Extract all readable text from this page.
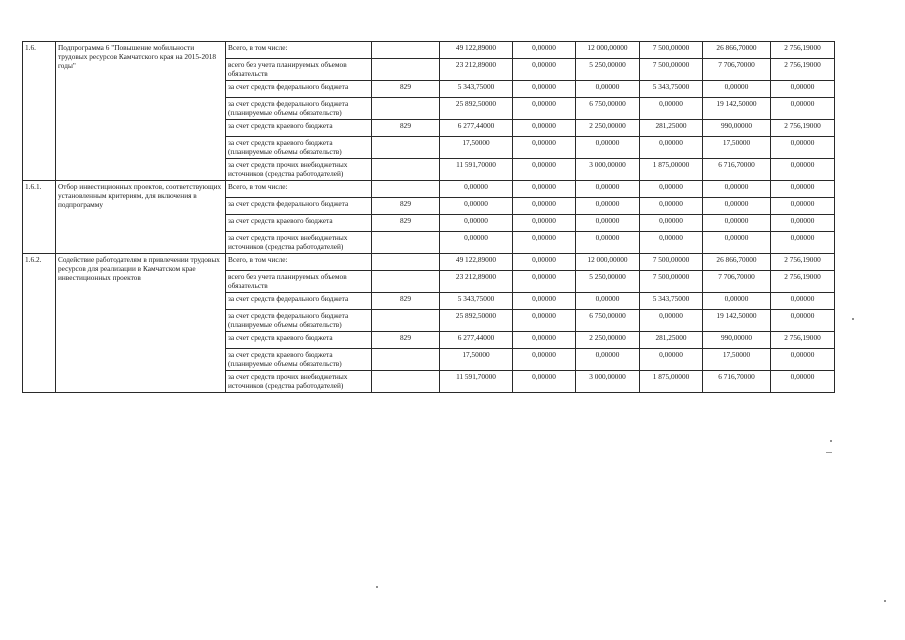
1.6.	Подпрограмма 6 "Повышение мобильности трудовых ресурсов Камчатского края на 2015-2018 годы"	Всего, в том числе:		49 122,89000	0,00000	12 000,00000	7 500,00000	26 866,70000	2 756,19000
		всего без учета планируемых объемов обязательств		23 212,89000	0,00000	5 250,00000	7 500,00000	7 706,70000	2 756,19000
		за счет средств федерального бюджета	829	5 343,75000	0,00000	0,00000	5 343,75000	0,00000	0,00000
		за счет средств федерального бюджета (планируемые объемы обязательств)		25 892,50000	0,00000	6 750,00000	0,00000	19 142,50000	0,00000
		за счет средств краевого бюджета	829	6 277,44000	0,00000	2 250,00000	281,25000	990,00000	2 756,19000
		за счет средств краевого бюджета (планируемые объемы обязательств)		17,50000	0,00000	0,00000	0,00000	17,50000	0,00000
		за счет средств прочих внебюджетных источников (средства работодателей)		11 591,70000	0,00000	3 000,00000	1 875,00000	6 716,70000	0,00000
1.6.1.	Отбор инвестиционных проектов, соответствующих установленным критериям, для включения в подпрограмму	Всего, в том числе:		0,00000	0,00000	0,00000	0,00000	0,00000	0,00000
		за счет средств федерального бюджета	829	0,00000	0,00000	0,00000	0,00000	0,00000	0,00000
		за счет средств краевого бюджета	829	0,00000	0,00000	0,00000	0,00000	0,00000	0,00000
		за счет средств прочих внебюджетных источников (средства работодателей)		0,00000	0,00000	0,00000	0,00000	0,00000	0,00000
1.6.2.	Содействие работодателям в привлечении трудовых ресурсов для реализации в Камчатском крае инвестиционных проектов	Всего, в том числе:		49 122,89000	0,00000	12 000,00000	7 500,00000	26 866,70000	2 756,19000
		всего без учета планируемых объемов обязательств		23 212,89000	0,00000	5 250,00000	7 500,00000	7 706,70000	2 756,19000
		за счет средств федерального бюджета	829	5 343,75000	0,00000	0,00000	5 343,75000	0,00000	0,00000
		за счет средств федерального бюджета (планируемые объемы обязательств)		25 892,50000	0,00000	6 750,00000	0,00000	19 142,50000	0,00000
		за счет средств краевого бюджета	829	6 277,44000	0,00000	2 250,00000	281,25000	990,00000	2 756,19000
		за счет средств краевого бюджета (планируемые объемы обязательств)		17,50000	0,00000	0,00000	0,00000	17,50000	0,00000
		за счет средств прочих внебюджетных источников (средства работодателей)		11 591,70000	0,00000	3 000,00000	1 875,00000	6 716,70000	0,00000
